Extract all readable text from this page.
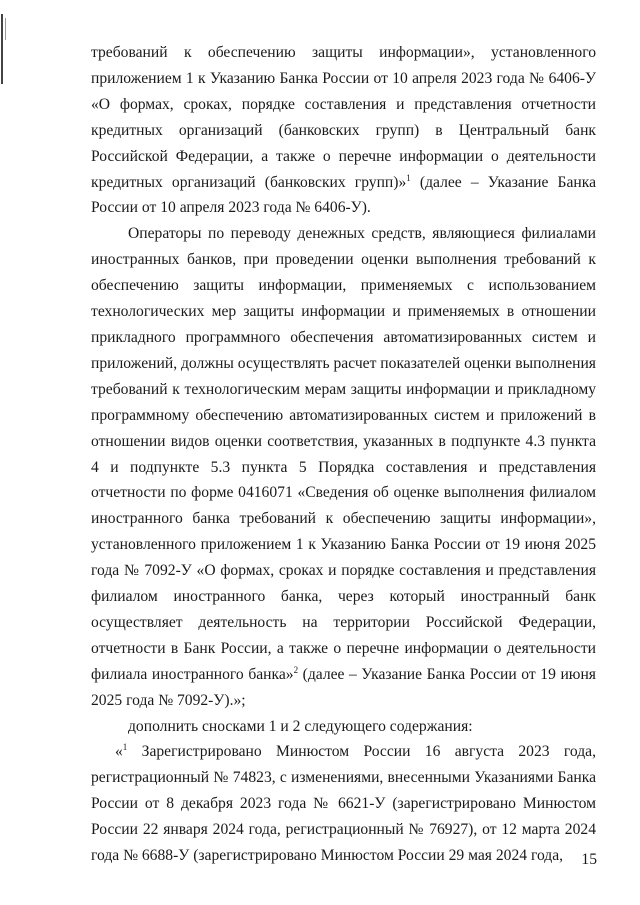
требований к обеспечению защиты информации», установленного приложением 1 к Указанию Банка России от 10 апреля 2023 года № 6406-У «О формах, сроках, порядке составления и представления отчетности кредитных организаций (банковских групп) в Центральный банк Российской Федерации, а также о перечне информации о деятельности кредитных организаций (банковских групп)»$^1$ (далее – Указание Банка России от 10 апреля 2023 года № 6406-У).

Операторы по переводу денежных средств, являющиеся филиалами иностранных банков, при проведении оценки выполнения требований к обеспечению защиты информации, применяемых с использованием технологических мер защиты информации и применяемых в отношении прикладного программного обеспечения автоматизированных систем и приложений, должны осуществлять расчет показателей оценки выполнения требований к технологическим мерам защиты информации и прикладному программному обеспечению автоматизированных систем и приложений в отношении видов оценки соответствия, указанных в подпункте 4.3 пункта 4 и подпункте 5.3 пункта 5 Порядка составления и представления отчетности по форме 0416071 «Сведения об оценке выполнения филиалом иностранного банка требований к обеспечению защиты информации», установленного приложением 1 к Указанию Банка России от 19 июня 2025 года № 7092-У «О формах, сроках и порядке составления и представления филиалом иностранного банка, через который иностранный банк осуществляет деятельность на территории Российской Федерации, отчетности в Банк России, а также о перечне информации о деятельности филиала иностранного банка»$^2$ (далее – Указание Банка России от 19 июня 2025 года № 7092-У).»;

дополнить сносками 1 и 2 следующего содержания:

«$^1$ Зарегистрировано Минюстом России 16 августа 2023 года, регистрационный № 74823, с изменениями, внесенными Указаниями Банка России от 8 декабря 2023 года № 6621-У (зарегистрировано Минюстом России 22 января 2024 года, регистрационный № 76927), от 12 марта 2024 года № 6688-У (зарегистрировано Минюстом России 29 мая 2024 года,	15
